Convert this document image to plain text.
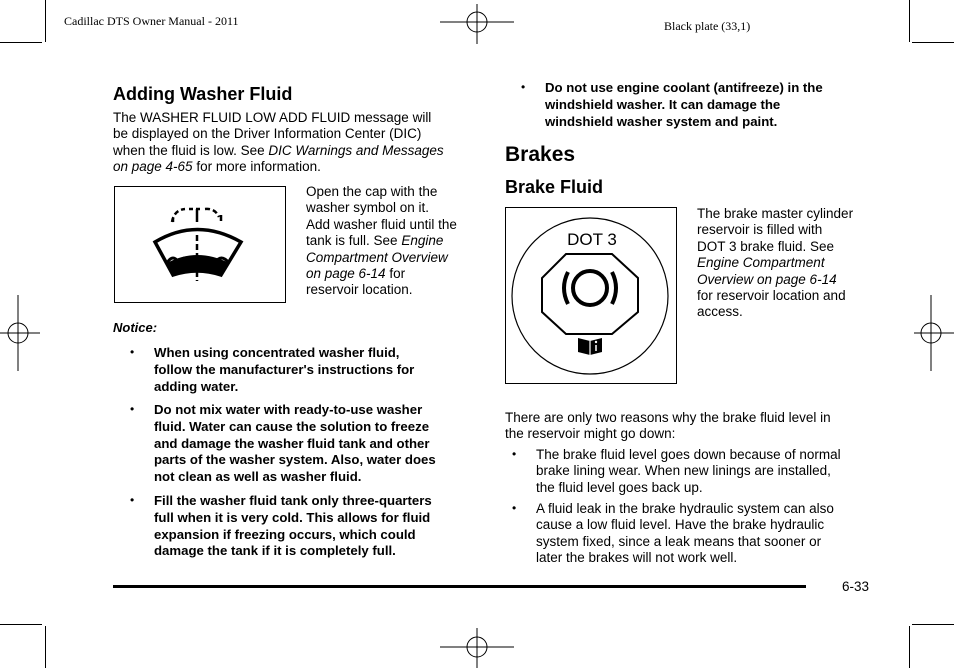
Cadillac DTS Owner Manual - 2011	Black plate (33,1)
Adding Washer Fluid
The WASHER FLUID LOW ADD FLUID message will
be displayed on the Driver Information Center (DIC)
when the fluid is low. See DIC Warnings and Messages
on page 4-65 for more information.
Open the cap with the
washer symbol on it.
Add washer fluid until the
tank is full. See Engine
Compartment Overview
on page 6-14 for
reservoir location.
Notice:
• When using concentrated washer fluid,
follow the manufacturer's instructions for
adding water.
• Do not mix water with ready-to-use washer
fluid. Water can cause the solution to freeze
and damage the washer fluid tank and other
parts of the washer system. Also, water does
not clean as well as washer fluid.
• Fill the washer fluid tank only three-quarters
full when it is very cold. This allows for fluid
expansion if freezing occurs, which could
damage the tank if it is completely full.
• Do not use engine coolant (antifreeze) in the
windshield washer. It can damage the
windshield washer system and paint.
Brakes
Brake Fluid
DOT 3
The brake master cylinder
reservoir is filled with
DOT 3 brake fluid. See
Engine Compartment
Overview on page 6-14
for reservoir location and
access.
There are only two reasons why the brake fluid level in
the reservoir might go down:
• The brake fluid level goes down because of normal
brake lining wear. When new linings are installed,
the fluid level goes back up.
• A fluid leak in the brake hydraulic system can also
cause a low fluid level. Have the brake hydraulic
system fixed, since a leak means that sooner or
later the brakes will not work well.
6-33
